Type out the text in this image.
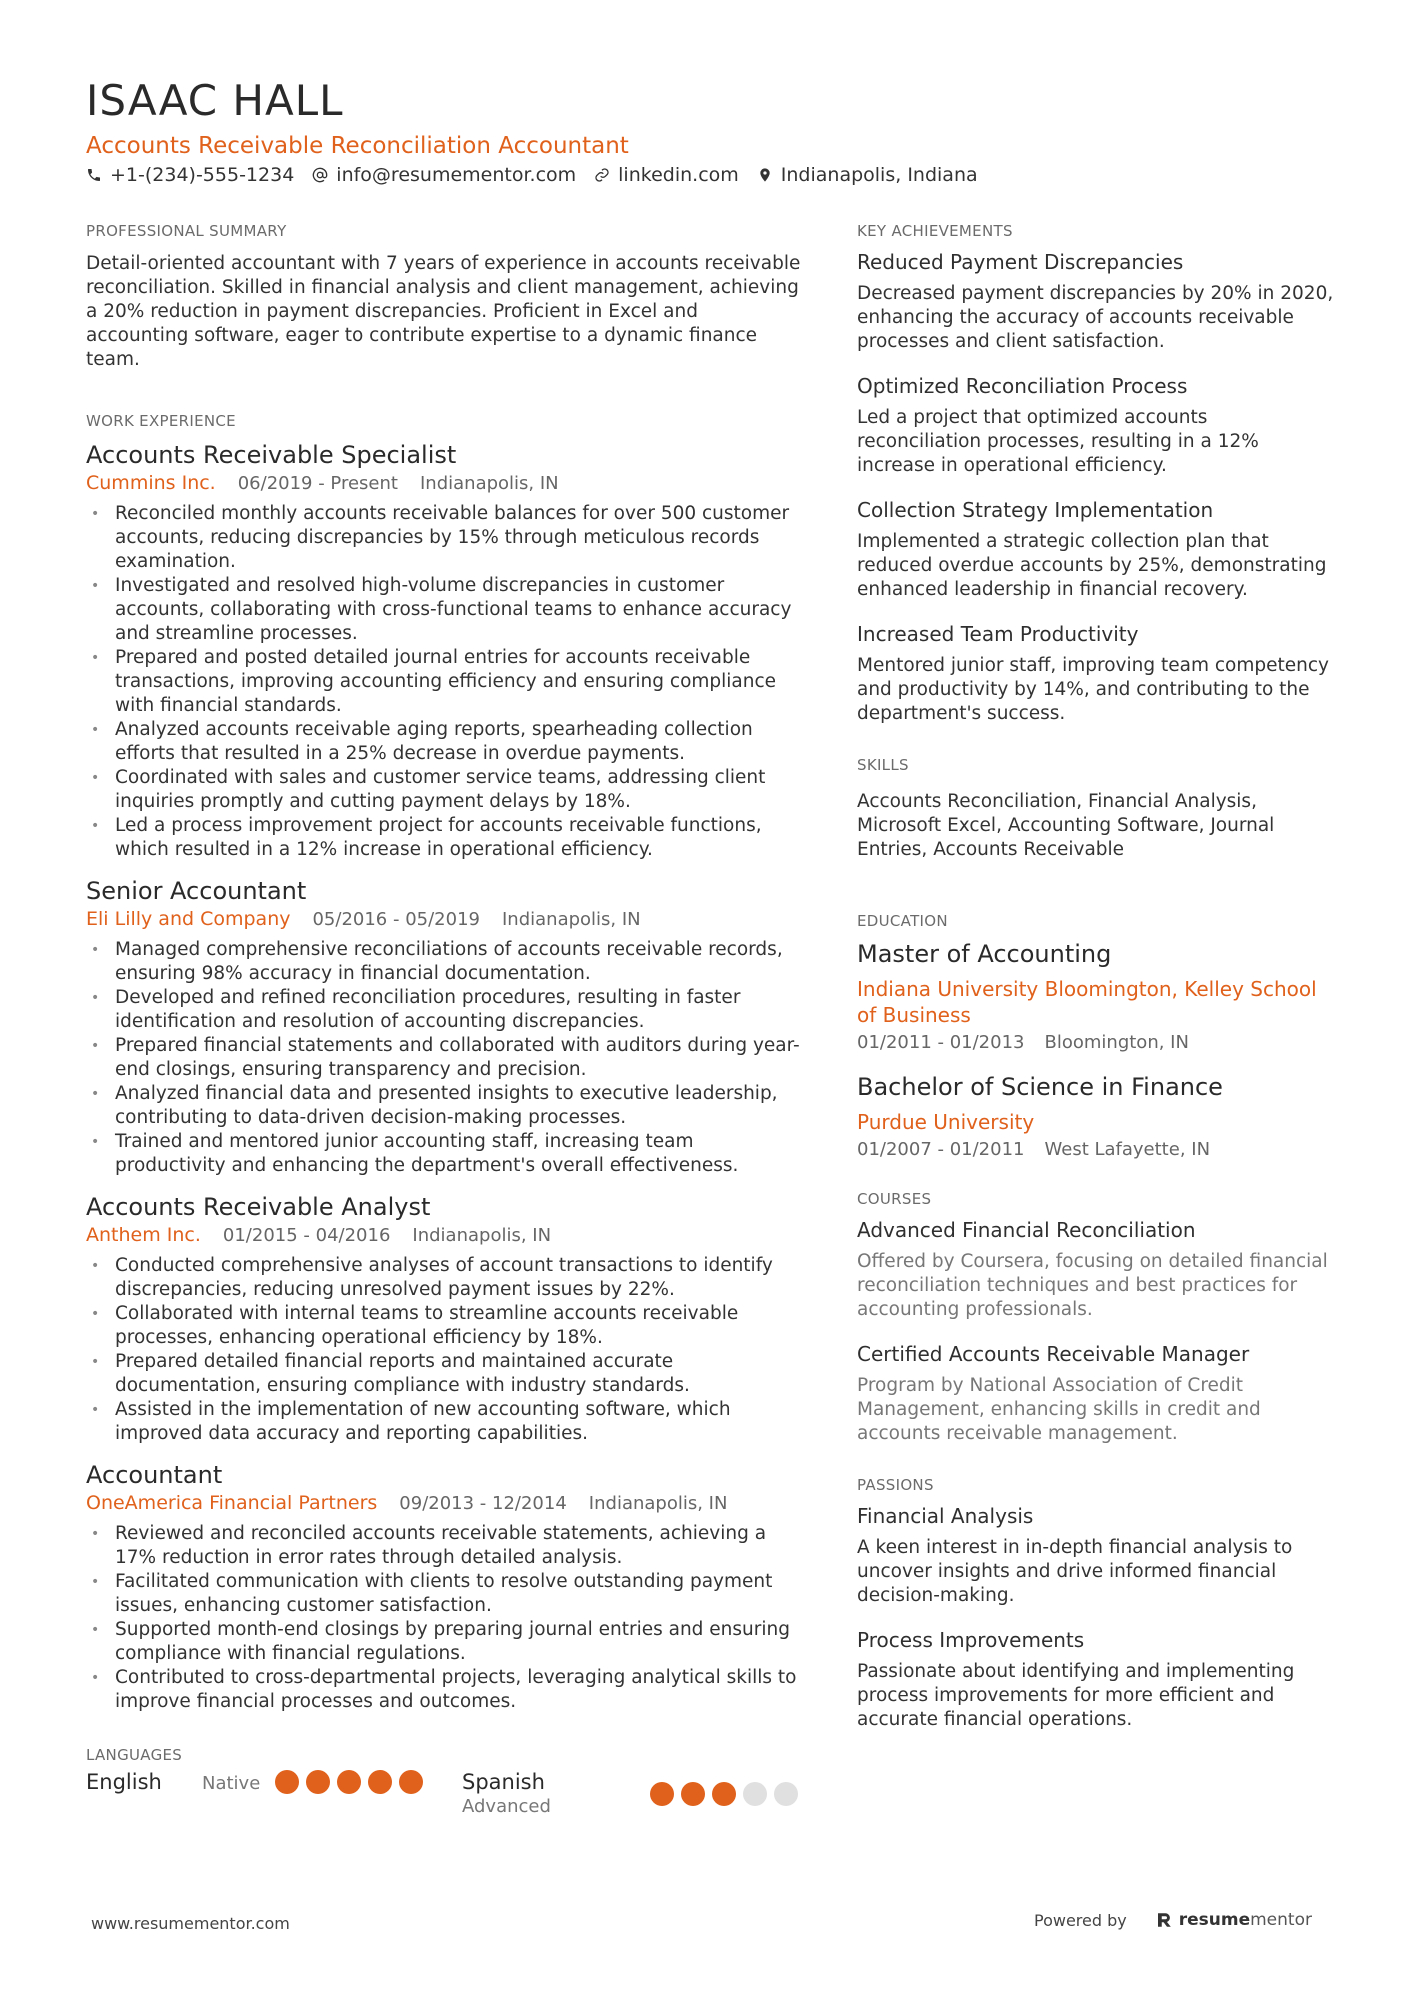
ISAAC HALL
Accounts Receivable Reconciliation Accountant
+1-(234)-555-1234 info@resumementor.com linkedin.com Indianapolis, Indiana
PROFESSIONAL SUMMARY
Detail-oriented accountant with 7 years of experience in accounts receivable reconciliation. Skilled in financial analysis and client management, achieving a 20% reduction in payment discrepancies. Proficient in Excel and accounting software, eager to contribute expertise to a dynamic finance team.
WORK EXPERIENCE
Accounts Receivable Specialist
Cummins Inc. 06/2019 - Present Indianapolis, IN
• Reconciled monthly accounts receivable balances for over 500 customer accounts, reducing discrepancies by 15% through meticulous records examination.
• Investigated and resolved high-volume discrepancies in customer accounts, collaborating with cross-functional teams to enhance accuracy and streamline processes.
• Prepared and posted detailed journal entries for accounts receivable transactions, improving accounting efficiency and ensuring compliance with financial standards.
• Analyzed accounts receivable aging reports, spearheading collection efforts that resulted in a 25% decrease in overdue payments.
• Coordinated with sales and customer service teams, addressing client inquiries promptly and cutting payment delays by 18%.
• Led a process improvement project for accounts receivable functions, which resulted in a 12% increase in operational efficiency.
Senior Accountant
Eli Lilly and Company 05/2016 - 05/2019 Indianapolis, IN
• Managed comprehensive reconciliations of accounts receivable records, ensuring 98% accuracy in financial documentation.
• Developed and refined reconciliation procedures, resulting in faster identification and resolution of accounting discrepancies.
• Prepared financial statements and collaborated with auditors during year-end closings, ensuring transparency and precision.
• Analyzed financial data and presented insights to executive leadership, contributing to data-driven decision-making processes.
• Trained and mentored junior accounting staff, increasing team productivity and enhancing the department's overall effectiveness.
Accounts Receivable Analyst
Anthem Inc. 01/2015 - 04/2016 Indianapolis, IN
• Conducted comprehensive analyses of account transactions to identify discrepancies, reducing unresolved payment issues by 22%.
• Collaborated with internal teams to streamline accounts receivable processes, enhancing operational efficiency by 18%.
• Prepared detailed financial reports and maintained accurate documentation, ensuring compliance with industry standards.
• Assisted in the implementation of new accounting software, which improved data accuracy and reporting capabilities.
Accountant
OneAmerica Financial Partners 09/2013 - 12/2014 Indianapolis, IN
• Reviewed and reconciled accounts receivable statements, achieving a 17% reduction in error rates through detailed analysis.
• Facilitated communication with clients to resolve outstanding payment issues, enhancing customer satisfaction.
• Supported month-end closings by preparing journal entries and ensuring compliance with financial regulations.
• Contributed to cross-departmental projects, leveraging analytical skills to improve financial processes and outcomes.
LANGUAGES
English	Native	Spanish
Advanced
KEY ACHIEVEMENTS
Reduced Payment Discrepancies
Decreased payment discrepancies by 20% in 2020, enhancing the accuracy of accounts receivable processes and client satisfaction.
Optimized Reconciliation Process
Led a project that optimized accounts reconciliation processes, resulting in a 12% increase in operational efficiency.
Collection Strategy Implementation
Implemented a strategic collection plan that reduced overdue accounts by 25%, demonstrating enhanced leadership in financial recovery.
Increased Team Productivity
Mentored junior staff, improving team competency and productivity by 14%, and contributing to the department's success.
SKILLS
Accounts Reconciliation, Financial Analysis, Microsoft Excel, Accounting Software, Journal Entries, Accounts Receivable
EDUCATION
Master of Accounting
Indiana University Bloomington, Kelley School of Business
01/2011 - 01/2013 Bloomington, IN
Bachelor of Science in Finance
Purdue University
01/2007 - 01/2011 West Lafayette, IN
COURSES
Advanced Financial Reconciliation
Offered by Coursera, focusing on detailed financial reconciliation techniques and best practices for accounting professionals.
Certified Accounts Receivable Manager
Program by National Association of Credit Management, enhancing skills in credit and accounts receivable management.
PASSIONS
Financial Analysis
A keen interest in in-depth financial analysis to uncover insights and drive informed financial decision-making.
Process Improvements
Passionate about identifying and implementing process improvements for more efficient and accurate financial operations.
www.resumementor.com	Powered by	resumementor
